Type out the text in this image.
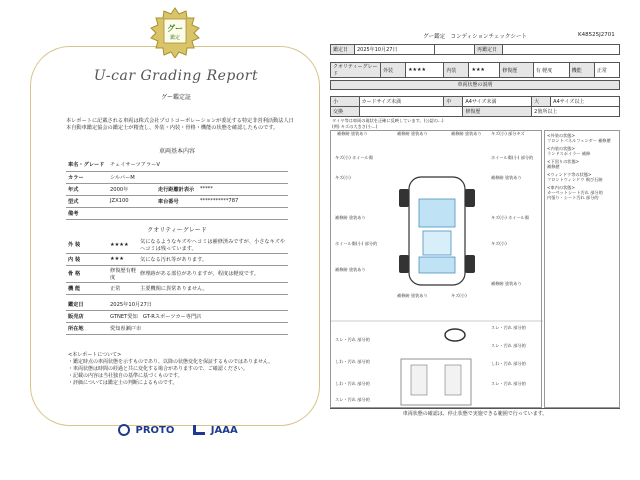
グー
鑑定
U-car Grading Report
グー鑑定証
本レポートに記載される車両は株式会社プロトコーポレーションが委託する特定非営利活動法人日本自動車鑑定協会の鑑定士が精査し、外装・内装・骨格・機能の状態を確認したものです。
車両基本内容
車名・グレード	チェイサーツアラーV		
カラー	シルバーM		
年式	2000年	走行距離計表示	*****
型式	JZX100	車台番号	***********787
備考			
クオリティーグレード
外 装	★★★★	気になるようなキズやヘコミは補修済みですが、小さなキズやヘコミは残っています。
内 装	★★★	気になる汚れ等があります。
骨 格	修復歴有軽度	修理跡がある部位がありますが、程度は軽度です。
機 能	正常	主要機関に異常ありません。
鑑定日	2025年10月27日
販売店	GTNET愛知　GT-Rスポーツカー専門店
所在地	愛知県瀬戸市
<本レポートについて>
・鑑定時点の車両状態を示すものであり、以降の状態変化を保証するものではありません。
・車両状態は時間の経過と共に変化する場合がありますので、ご確認ください。
・記載の内容は当社独自の基準に基づくものです。
・評価については鑑定士の判断によるものです。
PROTO	JAAA
グー鑑定　コンディションチェックシート	K48525J2701
鑑定日	2025年10月27日		再鑑定日	
クオリティーグレード	外装	★★★★	内装	★★★	修復歴	有 軽度	機能	正常
車両状態の説明
小	カードサイズ未満	中	A4サイズ未満	大	A4サイズ以上
交換			修復歴	2箇所以上	
タイヤ等は車両の現状を正確に反映しています。(公認の...)
(例) キズの大きさ(小...)
補修跡 塗装あり	補修跡 塗装あり	補修跡 塗装あり	キズ(小) 部分キズ
キズ(小) ホイール傷	ホイール傷(小) 部分的
キズ(小)	補修跡 塗装あり
補修跡 塗装あり	キズ(小) ホイール傷
ホイール傷(小) 部分的	キズ(小)
補修跡 塗装あり
補修跡 塗装あり	キズ(小)
補修跡 塗装あり
スレ・汚れ 部分的
スレ・汚れ 部分的
スレ・汚れ 部分的
しわ・汚れ 部分的	しわ・汚れ 部分的
しわ・汚れ 部分的	スレ・汚れ 部分的
スレ・汚れ 部分的
<外装の状態>
フロントパネルフェンダー 補修歴
<内装の状態>
ランドスポイラー 補修
<下回りの状態>
補修歴
<ウィンドウ等の状態>
フロントウィンドウ 飛び石跡
<車内の状態>
カーペットシート汚れ 部分的
内張り・シート汚れ 部分的
車両状態の確認は、停止状態で実施できる範囲で行っています。
